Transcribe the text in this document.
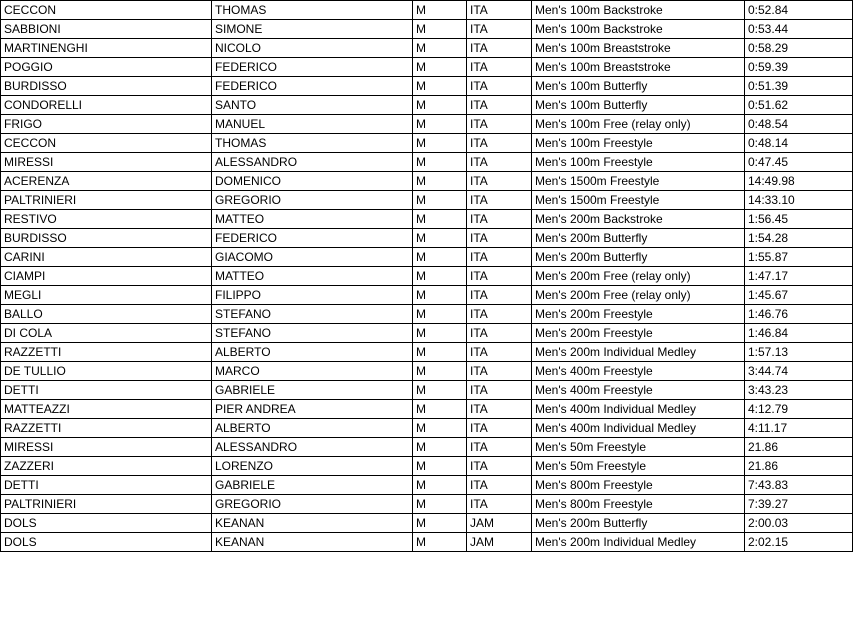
CECCON	THOMAS	M	ITA	Men's 100m Backstroke	0:52.84
SABBIONI	SIMONE	M	ITA	Men's 100m Backstroke	0:53.44
MARTINENGHI	NICOLO	M	ITA	Men's 100m Breaststroke	0:58.29
POGGIO	FEDERICO	M	ITA	Men's 100m Breaststroke	0:59.39
BURDISSO	FEDERICO	M	ITA	Men's 100m Butterfly	0:51.39
CONDORELLI	SANTO	M	ITA	Men's 100m Butterfly	0:51.62
FRIGO	MANUEL	M	ITA	Men's 100m Free (relay only)	0:48.54
CECCON	THOMAS	M	ITA	Men's 100m Freestyle	0:48.14
MIRESSI	ALESSANDRO	M	ITA	Men's 100m Freestyle	0:47.45
ACERENZA	DOMENICO	M	ITA	Men's 1500m Freestyle	14:49.98
PALTRINIERI	GREGORIO	M	ITA	Men's 1500m Freestyle	14:33.10
RESTIVO	MATTEO	M	ITA	Men's 200m Backstroke	1:56.45
BURDISSO	FEDERICO	M	ITA	Men's 200m Butterfly	1:54.28
CARINI	GIACOMO	M	ITA	Men's 200m Butterfly	1:55.87
CIAMPI	MATTEO	M	ITA	Men's 200m Free (relay only)	1:47.17
MEGLI	FILIPPO	M	ITA	Men's 200m Free (relay only)	1:45.67
BALLO	STEFANO	M	ITA	Men's 200m Freestyle	1:46.76
DI COLA	STEFANO	M	ITA	Men's 200m Freestyle	1:46.84
RAZZETTI	ALBERTO	M	ITA	Men's 200m Individual Medley	1:57.13
DE TULLIO	MARCO	M	ITA	Men's 400m Freestyle	3:44.74
DETTI	GABRIELE	M	ITA	Men's 400m Freestyle	3:43.23
MATTEAZZI	PIER ANDREA	M	ITA	Men's 400m Individual Medley	4:12.79
RAZZETTI	ALBERTO	M	ITA	Men's 400m Individual Medley	4:11.17
MIRESSI	ALESSANDRO	M	ITA	Men's 50m Freestyle	21.86
ZAZZERI	LORENZO	M	ITA	Men's 50m Freestyle	21.86
DETTI	GABRIELE	M	ITA	Men's 800m Freestyle	7:43.83
PALTRINIERI	GREGORIO	M	ITA	Men's 800m Freestyle	7:39.27
DOLS	KEANAN	M	JAM	Men's 200m Butterfly	2:00.03
DOLS	KEANAN	M	JAM	Men's 200m Individual Medley	2:02.15
